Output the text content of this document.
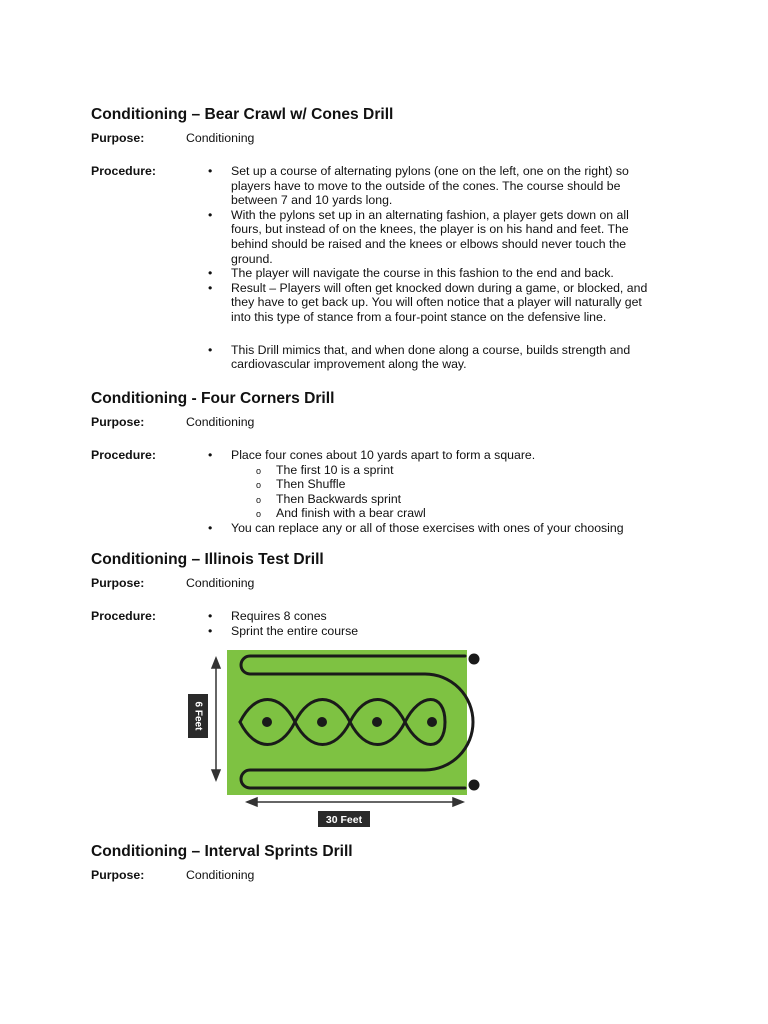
Conditioning – Bear Crawl w/ Cones Drill
Purpose:	Conditioning
Procedure:	• Set up a course of alternating pylons (one on the left, one on the right) so players have to move to the outside of the cones. The course should be between 7 and 10 yards long.
• With the pylons set up in an alternating fashion, a player gets down on all fours, but instead of on the knees, the player is on his hand and feet. The behind should be raised and the knees or elbows should never touch the ground.
• The player will navigate the course in this fashion to the end and back.
• Result – Players will often get knocked down during a game, or blocked, and they have to get back up. You will often notice that a player will naturally get into this type of stance from a four-point stance on the defensive line.
• This Drill mimics that, and when done along a course, builds strength and cardiovascular improvement along the way.
Conditioning - Four Corners Drill
Purpose:	Conditioning
Procedure:	• Place four cones about 10 yards apart to form a square.
o The first 10 is a sprint
o Then Shuffle
o Then Backwards sprint
o And finish with a bear crawl
• You can replace any or all of those exercises with ones of your choosing
Conditioning – Illinois Test Drill
Purpose:	Conditioning
Procedure:	• Requires 8 cones
• Sprint the entire course
6 Feet
30 Feet
Conditioning – Interval Sprints Drill
Purpose:	Conditioning
